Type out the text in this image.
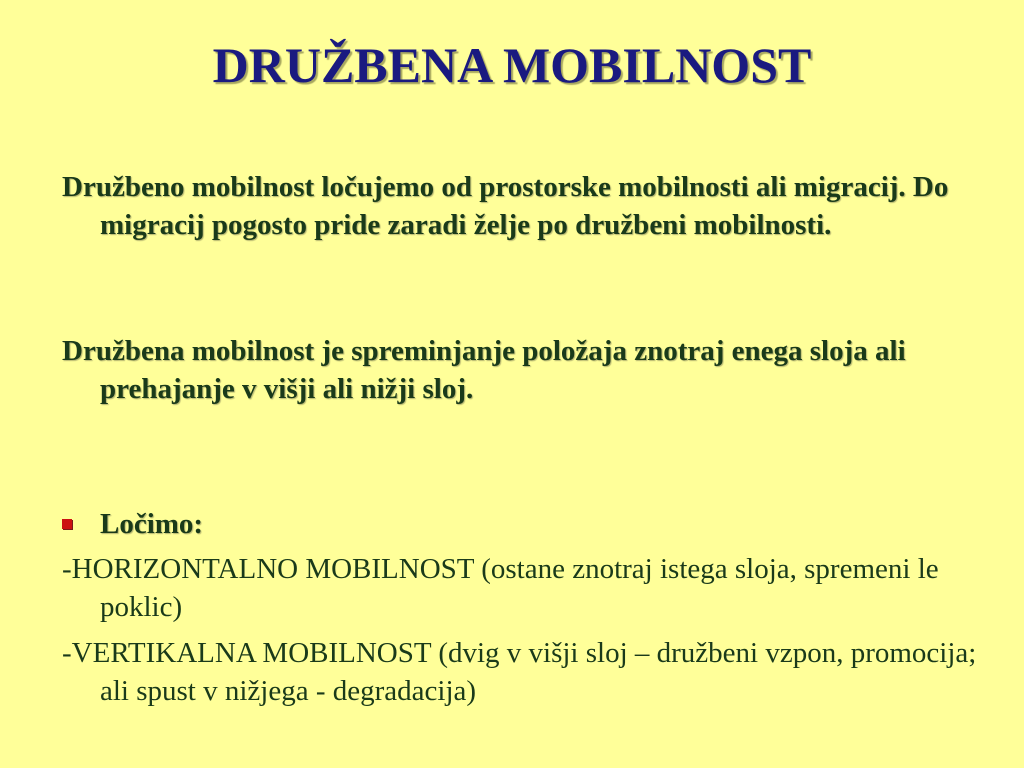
DRUŽBENA MOBILNOST

Družbeno mobilnost ločujemo od prostorske mobilnosti ali migracij. Do migracij pogosto pride zaradi želje po družbeni mobilnosti.

Družbena mobilnost je spreminjanje položaja znotraj enega sloja ali prehajanje v višji ali nižji sloj.

Ločimo:

-HORIZONTALNO MOBILNOST (ostane znotraj istega sloja, spremeni le poklic)

-VERTIKALNA MOBILNOST (dvig v višji sloj – družbeni vzpon, promocija; ali spust v nižjega - degradacija)
